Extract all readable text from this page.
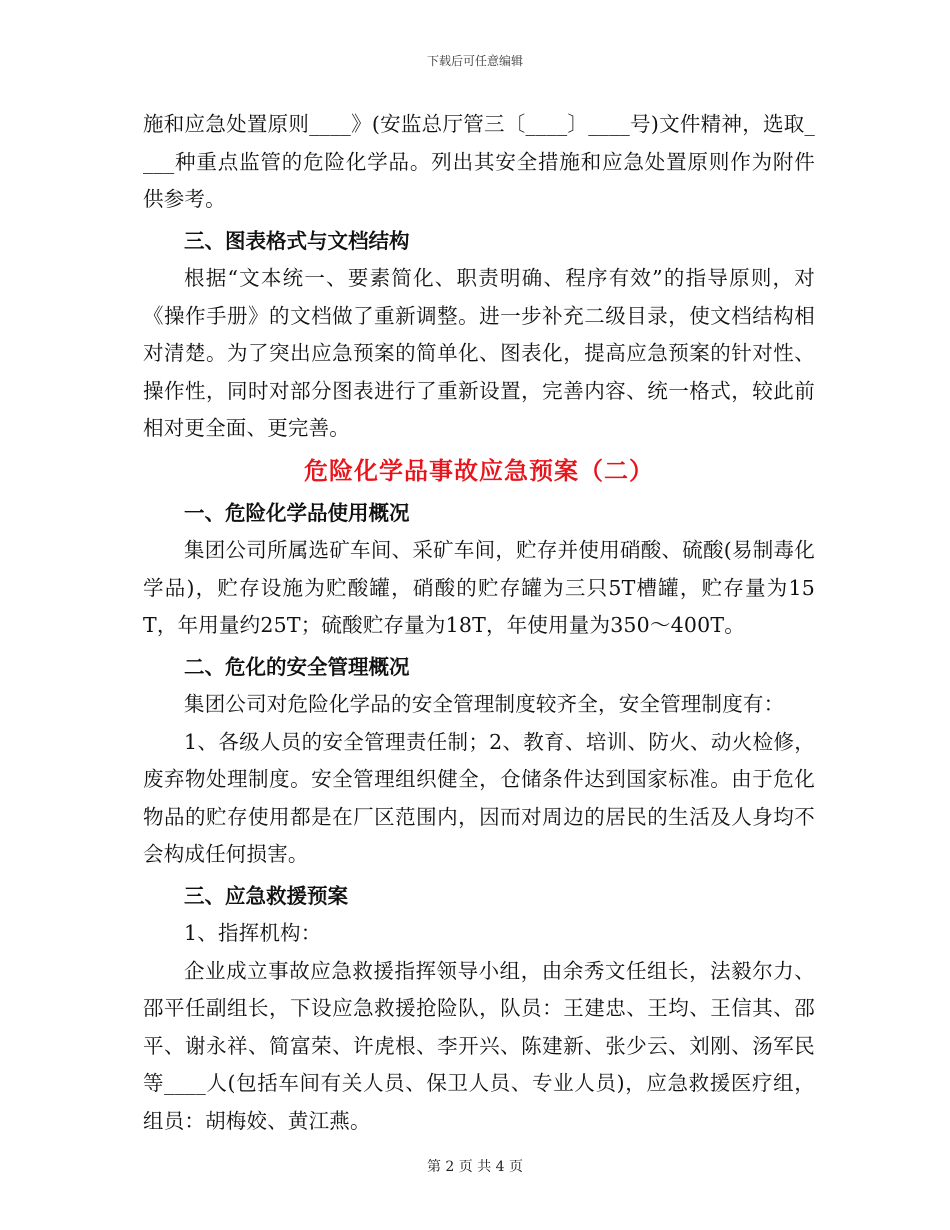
下载后可任意编辑

施和应急处置原则____》(安监总厅管三〔____〕____号)文件精神，选取____种重点监管的危险化学品。列出其安全措施和应急处置原则作为附件供参考。

三、图表格式与文档结构

根据“文本统一、要素简化、职责明确、程序有效”的指导原则，对《操作手册》的文档做了重新调整。进一步补充二级目录，使文档结构相对清楚。为了突出应急预案的简单化、图表化，提高应急预案的针对性、操作性，同时对部分图表进行了重新设置，完善内容、统一格式，较此前相对更全面、更完善。

危险化学品事故应急预案（二）

一、危险化学品使用概况

集团公司所属选矿车间、采矿车间，贮存并使用硝酸、硫酸(易制毒化学品)，贮存设施为贮酸罐，硝酸的贮存罐为三只5T槽罐，贮存量为15T，年用量约25T；硫酸贮存量为18T，年使用量为350～400T。

二、危化的安全管理概况

集团公司对危险化学品的安全管理制度较齐全，安全管理制度有：

1、各级人员的安全管理责任制；2、教育、培训、防火、动火检修，废弃物处理制度。安全管理组织健全，仓储条件达到国家标准。由于危化物品的贮存使用都是在厂区范围内，因而对周边的居民的生活及人身均不会构成任何损害。

三、应急救援预案

1、指挥机构：

企业成立事故应急救援指挥领导小组，由余秀文任组长，法毅尔力、邵平任副组长，下设应急救援抢险队，队员：王建忠、王均、王信其、邵平、谢永祥、简富荣、许虎根、李开兴、陈建新、张少云、刘刚、汤军民等____人(包括车间有关人员、保卫人员、专业人员)，应急救援医疗组，组员：胡梅姣、黄江燕。

第 2 页 共 4 页
